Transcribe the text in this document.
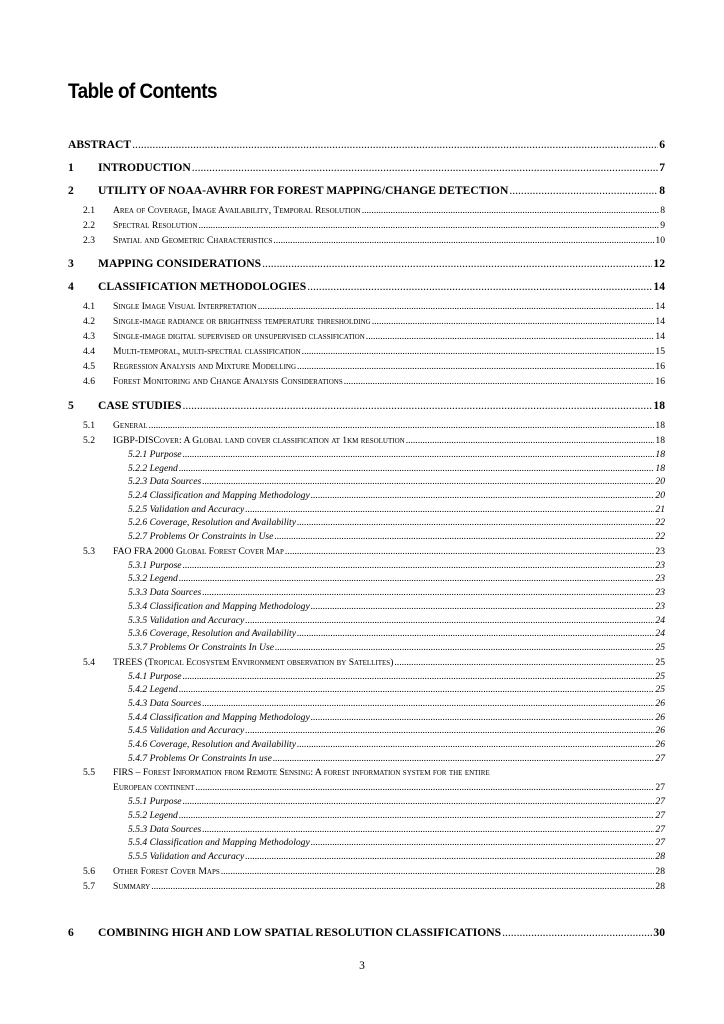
Table of Contents
ABSTRACT .....	6
1	INTRODUCTION .....	7
2	UTILITY OF NOAA-AVHRR FOR FOREST MAPPING/CHANGE DETECTION .....	8
2.1	Area of Coverage, Image Availability, Temporal Resolution .....	8
2.2	Spectral Resolution .....	9
2.3	Spatial and Geometric Characteristics .....	10
3	MAPPING CONSIDERATIONS .....	12
4	CLASSIFICATION METHODOLOGIES .....	14
4.1	Single Image Visual Interpretation .....	14
4.2	Single-image radiance or brightness temperature thresholding .....	14
4.3	Single-image digital supervised or unsupervised classification .....	14
4.4	Multi-temporal, multi-spectral classification .....	15
4.5	Regression Analysis and Mixture Modelling .....	16
4.6	Forest Monitoring and Change Analysis Considerations .....	16
5	CASE STUDIES .....	18
5.1	General .....	18
5.2	IGBP-DISCover: A Global land cover classification at 1km resolution .....	18
5.2.1 Purpose .....	18
5.2.2 Legend .....	18
5.2.3 Data Sources .....	20
5.2.4 Classification and Mapping Methodology .....	20
5.2.5 Validation and Accuracy .....	21
5.2.6 Coverage, Resolution and Availability .....	22
5.2.7 Problems Or Constraints in Use .....	22
5.3	FAO FRA 2000 Global Forest Cover Map .....	23
5.3.1 Purpose .....	23
5.3.2 Legend .....	23
5.3.3 Data Sources .....	23
5.3.4 Classification and Mapping Methodology .....	23
5.3.5 Validation and Accuracy .....	24
5.3.6 Coverage, Resolution and Availability .....	24
5.3.7 Problems Or Constraints In Use .....	25
5.4	TREES (Tropical Ecosystem Environment observation by Satellites) .....	25
5.4.1 Purpose .....	25
5.4.2 Legend .....	25
5.4.3 Data Sources .....	26
5.4.4 Classification and Mapping Methodology .....	26
5.4.5 Validation and Accuracy .....	26
5.4.6 Coverage, Resolution and Availability .....	26
5.4.7 Problems Or Constraints In use .....	27
5.5	FIRS – Forest Information from Remote Sensing: A forest information system for the entire
European continent .....	27
5.5.1 Purpose .....	27
5.5.2 Legend .....	27
5.5.3 Data Sources .....	27
5.5.4 Classification and Mapping Methodology .....	27
5.5.5 Validation and Accuracy .....	28
5.6	Other Forest Cover Maps .....	28
5.7	Summary .....	28
6	COMBINING HIGH AND LOW SPATIAL RESOLUTION CLASSIFICATIONS .....	30
3
